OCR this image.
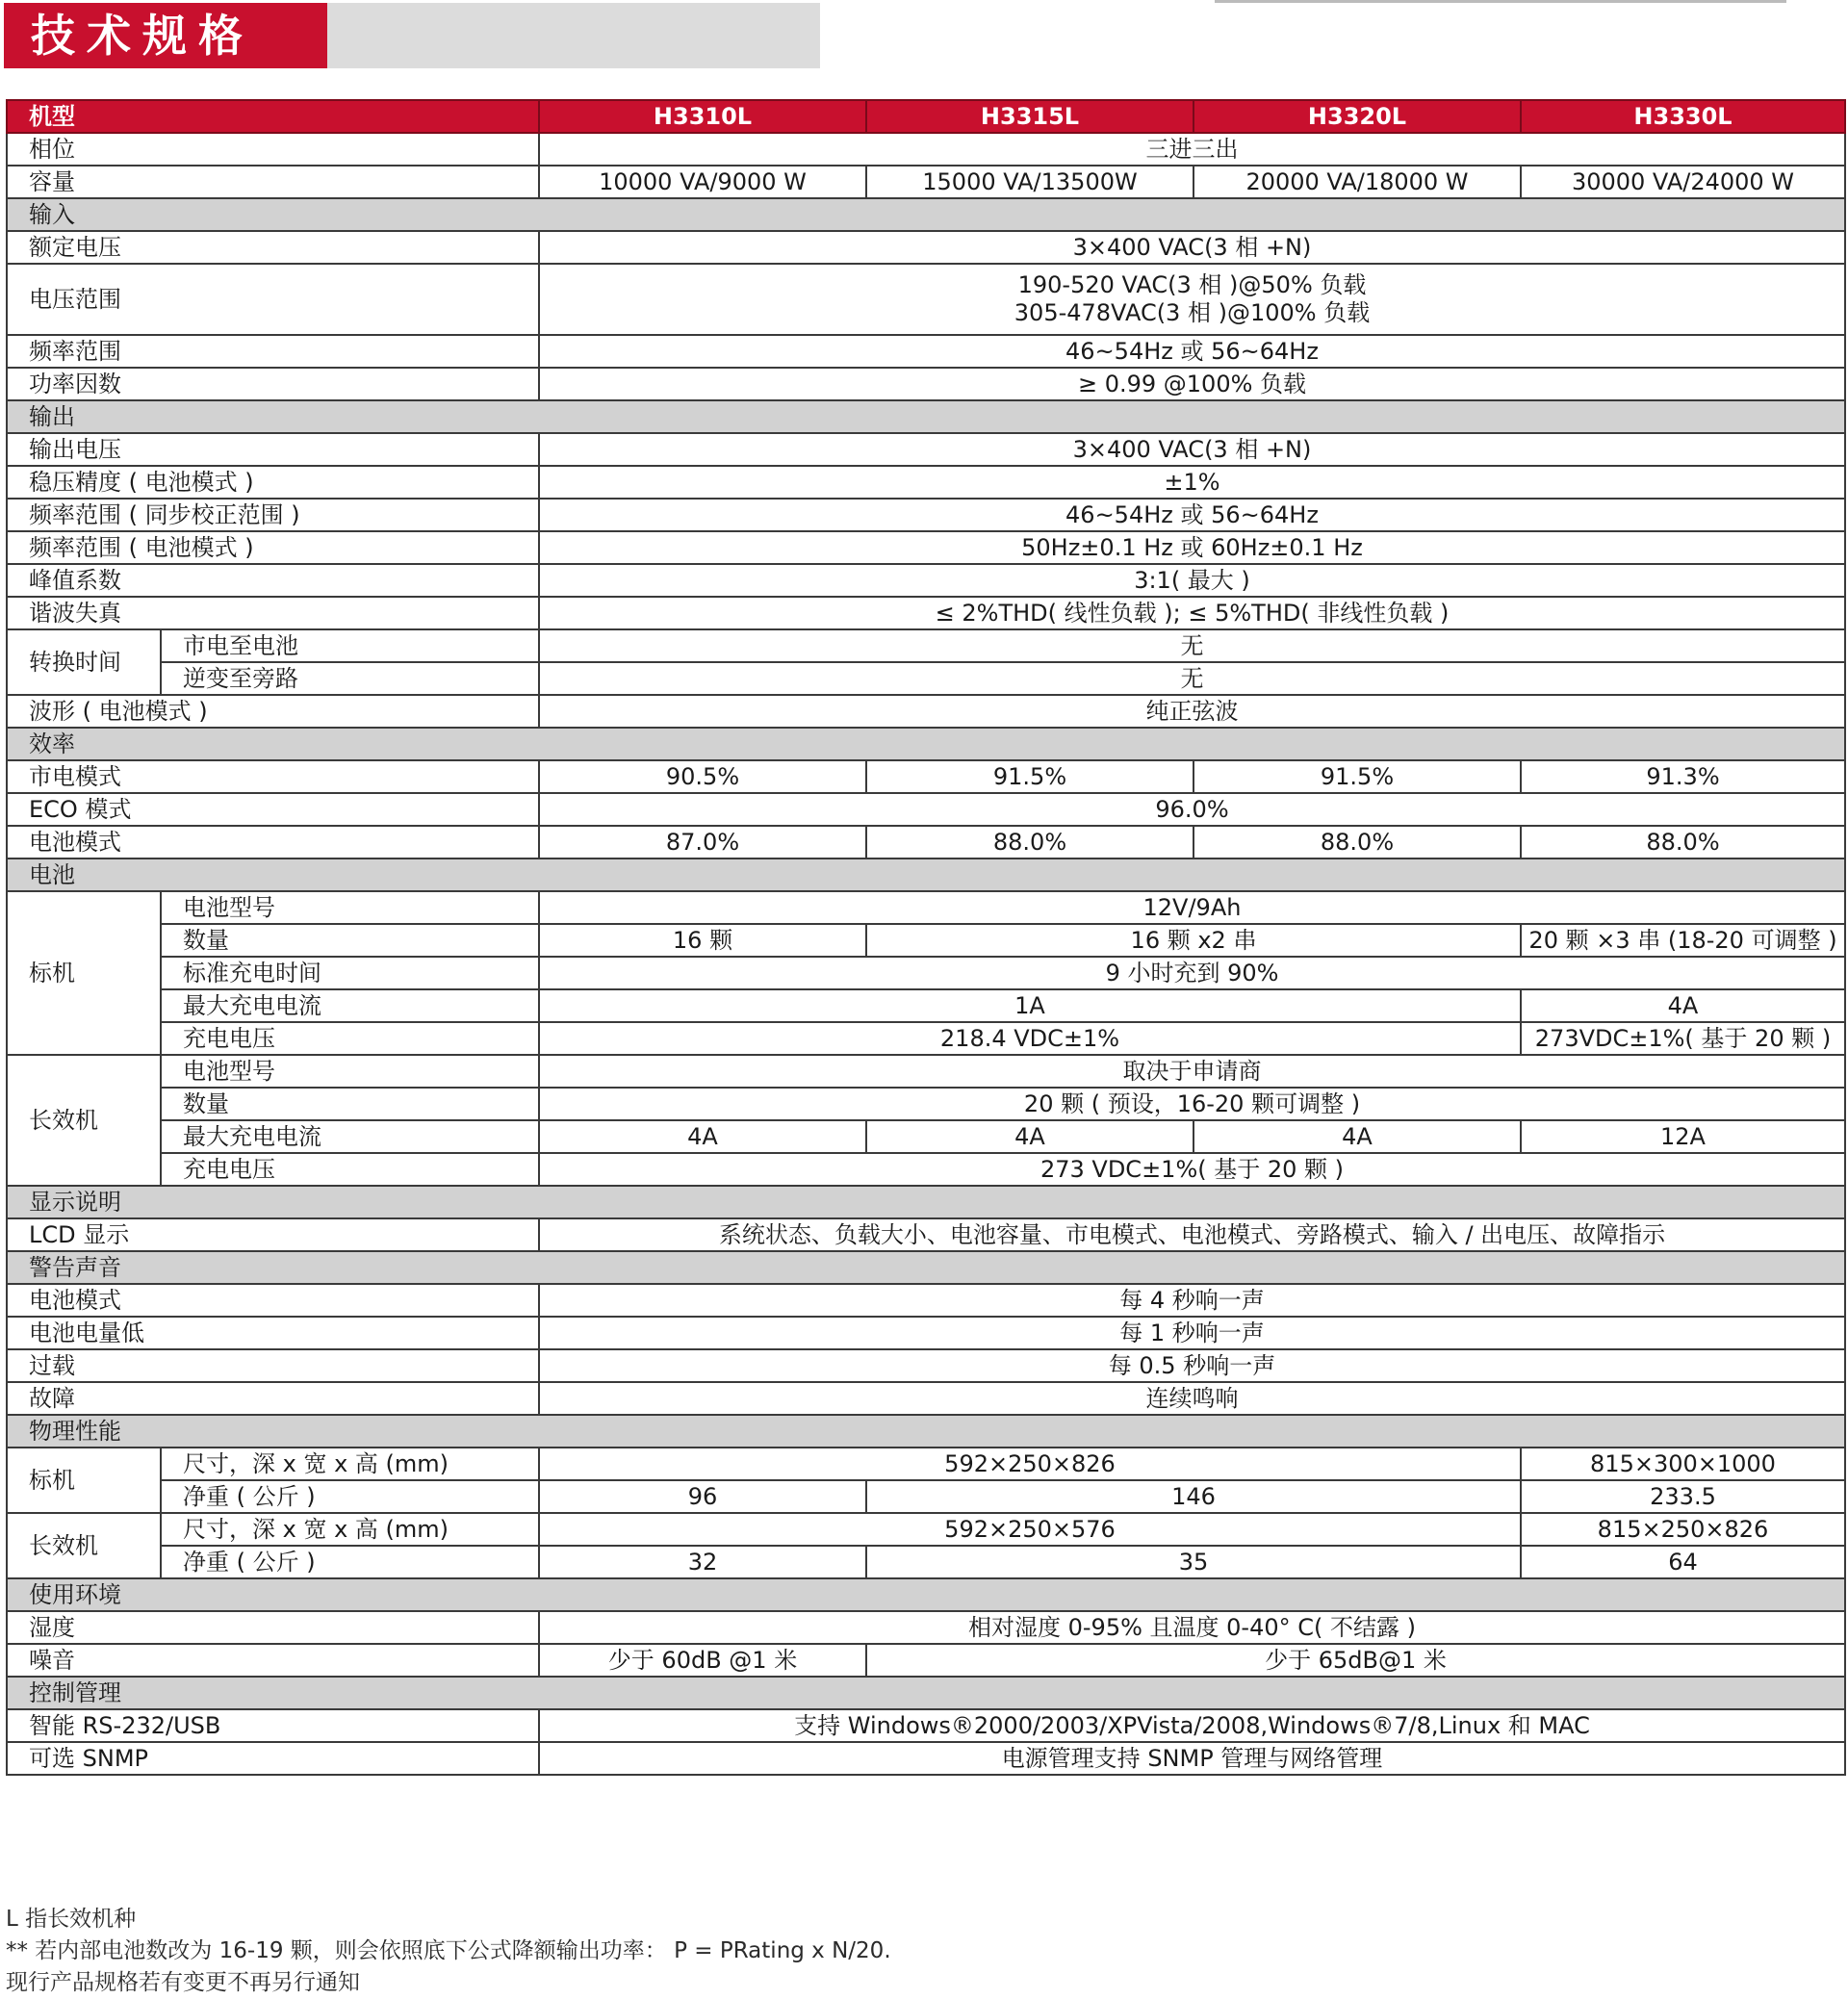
技术规格
机型		H3310L	H3315L	H3320L	H3330L
相位		三进三出			
容量		10000 VA/9000 W	15000 VA/13500W	20000 VA/18000 W	30000 VA/24000 W
输入					
额定电压		3×400 VAC(3 相 +N)			
电压范围		190-520 VAC(3 相 )@50% 负载
305-478VAC(3 相 )@100% 负载			

频率范围		46~54Hz 或 56~64Hz			
功率因数		≥ 0.99 @100% 负载			
输出					
输出电压		3×400 VAC(3 相 +N)			
稳压精度 ( 电池模式 )		±1%			
频率范围 ( 同步校正范围 )		46~54Hz 或 56~64Hz			
频率范围 ( 电池模式 )		50Hz±0.1 Hz 或 60Hz±0.1 Hz			
峰值系数		3:1( 最大 )			
谐波失真		≤ 2%THD( 线性负载 ); ≤ 5%THD( 非线性负载 )			
转换时间	市电至电池	无			
	逆变至旁路	无			
波形 ( 电池模式 )		纯正弦波			
效率					
市电模式		90.5%	91.5%	91.5%	91.3%
ECO 模式		96.0%			
电池模式		87.0%	88.0%	88.0%	88.0%
电池					
标机	电池型号	12V/9Ah			
	数量	16 颗	16 颗 x2 串		20 颗 ×3 串 (18-20 可调整 )
	标准充电时间	9 小时充到 90%			
	最大充电电流	1A			4A
	充电电压	218.4 VDC±1%			273VDC±1%( 基于 20 颗 )
长效机	电池型号	取决于申请商			
	数量	20 颗 ( 预设，16-20 颗可调整 )			
	最大充电电流	4A	4A	4A	12A
	充电电压	273 VDC±1%( 基于 20 颗 )			
显示说明					
LCD 显示		系统状态、负载大小、电池容量、市电模式、电池模式、旁路模式、输入 / 出电压、故障指示			
警告声音					
电池模式		每 4 秒响一声			
电池电量低		每 1 秒响一声			
过载		每 0.5 秒响一声			
故障		连续鸣响			
物理性能					
标机	尺寸，深 x 宽 x 高 (mm)	592×250×826			815×300×1000
	净重 ( 公斤 )	96	146		233.5
长效机	尺寸，深 x 宽 x 高 (mm)	592×250×576			815×250×826
	净重 ( 公斤 )	32	35		64
使用环境					
湿度		相对湿度 0-95% 且温度 0-40° C( 不结露 )			
噪音		少于 60dB @1 米	少于 65dB@1 米		
控制管理					
智能 RS-232/USB		支持 Windows®2000/2003/XPVista/2008,Windows®7/8,Linux 和 MAC			
可选 SNMP		电源管理支持 SNMP 管理与网络管理			
L 指长效机种
** 若内部电池数改为 16-19 颗，则会依照底下公式降额输出功率： P = PRating x N/20.
现行产品规格若有变更不再另行通知
